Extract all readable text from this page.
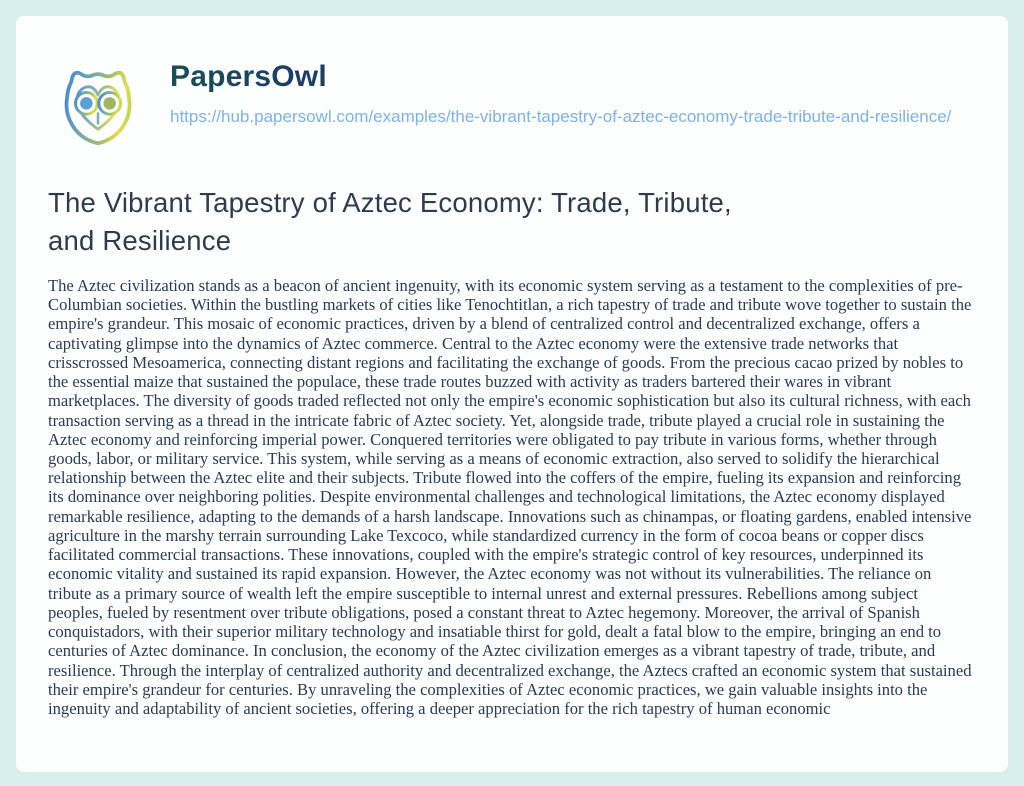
PapersOwl
https://hub.papersowl.com/examples/the-vibrant-tapestry-of-aztec-economy-trade-tribute-and-resilience/
The Vibrant Tapestry of Aztec Economy: Trade, Tribute, and Resilience

The Aztec civilization stands as a beacon of ancient ingenuity, with its economic system serving as a testament to the complexities of pre-Columbian societies. Within the bustling markets of cities like Tenochtitlan, a rich tapestry of trade and tribute wove together to sustain the empire's grandeur. This mosaic of economic practices, driven by a blend of centralized control and decentralized exchange, offers a captivating glimpse into the dynamics of Aztec commerce. Central to the Aztec economy were the extensive trade networks that crisscrossed Mesoamerica, connecting distant regions and facilitating the exchange of goods. From the precious cacao prized by nobles to the essential maize that sustained the populace, these trade routes buzzed with activity as traders bartered their wares in vibrant marketplaces. The diversity of goods traded reflected not only the empire's economic sophistication but also its cultural richness, with each transaction serving as a thread in the intricate fabric of Aztec society. Yet, alongside trade, tribute played a crucial role in sustaining the Aztec economy and reinforcing imperial power. Conquered territories were obligated to pay tribute in various forms, whether through goods, labor, or military service. This system, while serving as a means of economic extraction, also served to solidify the hierarchical relationship between the Aztec elite and their subjects. Tribute flowed into the coffers of the empire, fueling its expansion and reinforcing its dominance over neighboring polities. Despite environmental challenges and technological limitations, the Aztec economy displayed remarkable resilience, adapting to the demands of a harsh landscape. Innovations such as chinampas, or floating gardens, enabled intensive agriculture in the marshy terrain surrounding Lake Texcoco, while standardized currency in the form of cocoa beans or copper discs facilitated commercial transactions. These innovations, coupled with the empire's strategic control of key resources, underpinned its economic vitality and sustained its rapid expansion. However, the Aztec economy was not without its vulnerabilities. The reliance on tribute as a primary source of wealth left the empire susceptible to internal unrest and external pressures. Rebellions among subject peoples, fueled by resentment over tribute obligations, posed a constant threat to Aztec hegemony. Moreover, the arrival of Spanish conquistadors, with their superior military technology and insatiable thirst for gold, dealt a fatal blow to the empire, bringing an end to centuries of Aztec dominance. In conclusion, the economy of the Aztec civilization emerges as a vibrant tapestry of trade, tribute, and resilience. Through the interplay of centralized authority and decentralized exchange, the Aztecs crafted an economic system that sustained their empire's grandeur for centuries. By unraveling the complexities of Aztec economic practices, we gain valuable insights into the ingenuity and adaptability of ancient societies, offering a deeper appreciation for the rich tapestry of human economic
